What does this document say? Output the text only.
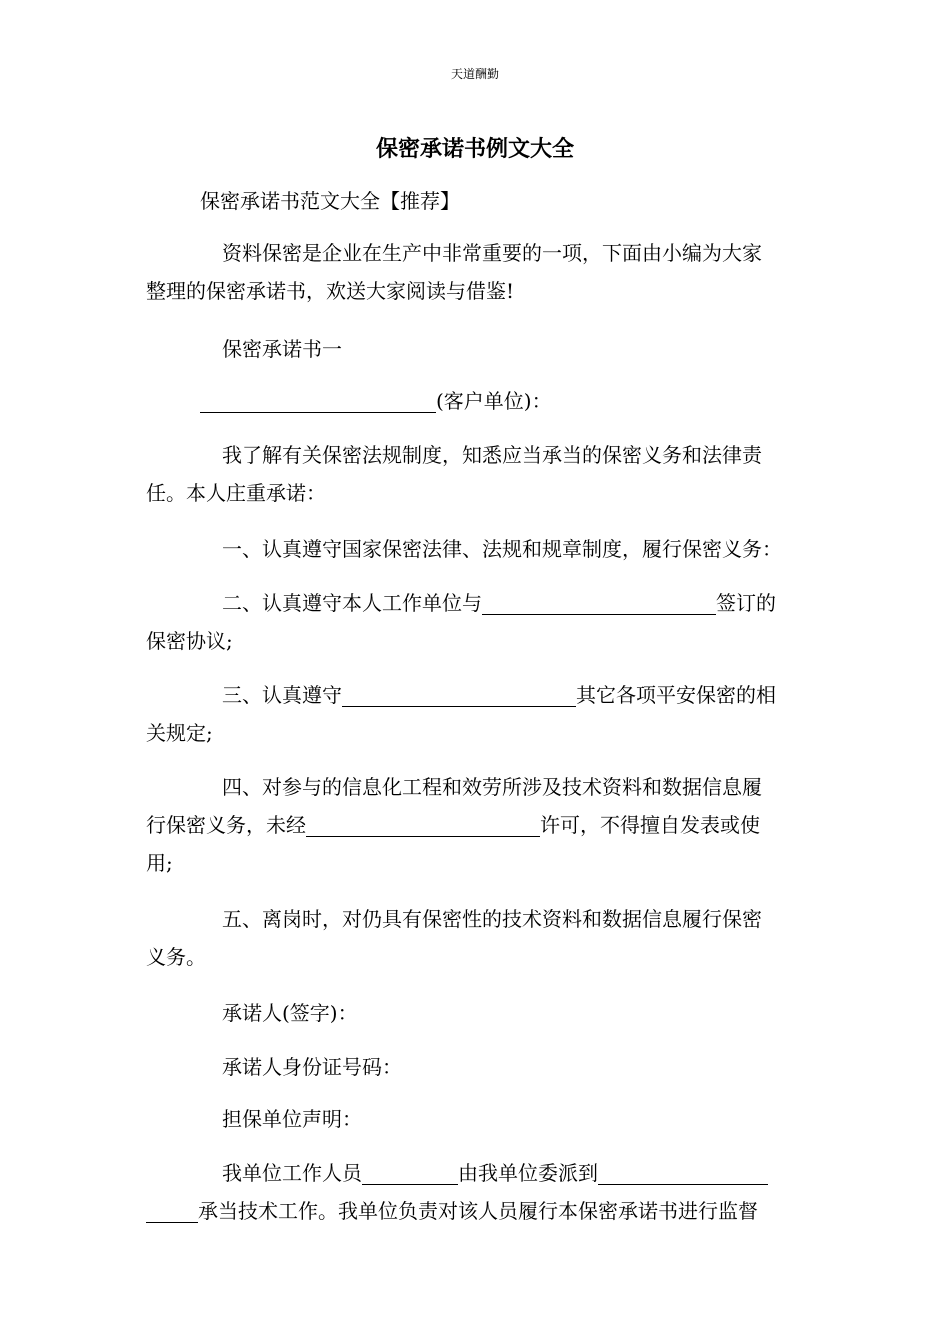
天道酬勤
保密承诺书例文大全
保密承诺书范文大全【推荐】
资料保密是企业在生产中非常重要的一项，下面由小编为大家
整理的保密承诺书，欢送大家阅读与借鉴!
保密承诺书一
(客户单位)：
我了解有关保密法规制度，知悉应当承当的保密义务和法律责
任。本人庄重承诺：
一、认真遵守国家保密法律、法规和规章制度，履行保密义务：
二、认真遵守本人工作单位与	签订的
保密协议;
三、认真遵守	其它各项平安保密的相
关规定;
四、对参与的信息化工程和效劳所涉及技术资料和数据信息履
行保密义务，未经	许可，不得擅自发表或使
用;
五、离岗时，对仍具有保密性的技术资料和数据信息履行保密
义务。
承诺人(签字)：
承诺人身份证号码：
担保单位声明：
我单位工作人员	由我单位委派到
承当技术工作。我单位负责对该人员履行本保密承诺书进行监督
